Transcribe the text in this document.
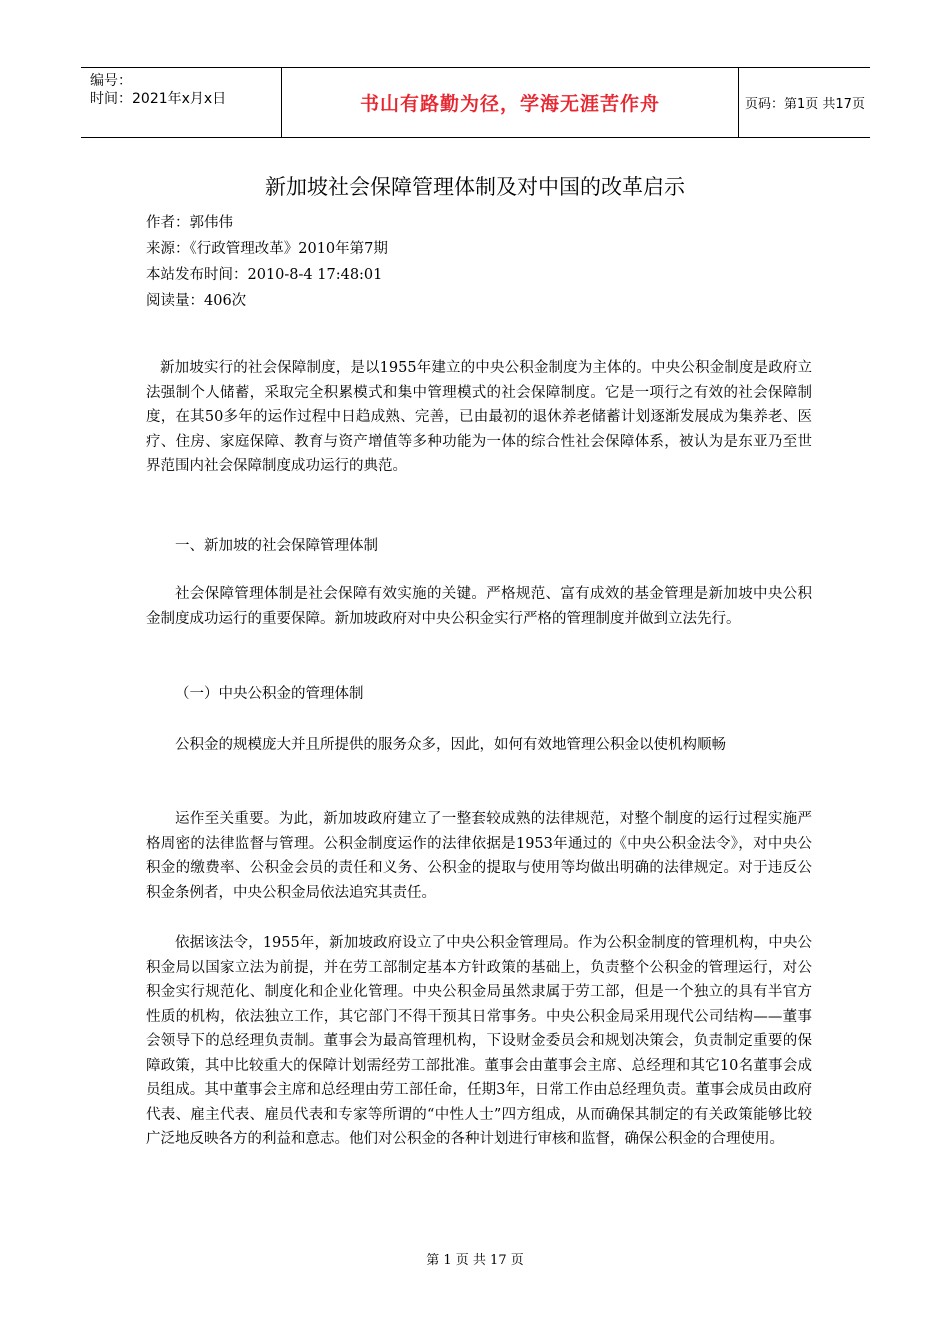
编号：
时间：2021年x月x日	书山有路勤为径，学海无涯苦作舟	页码：第1页 共17页
新加坡社会保障管理体制及对中国的改革启示
作者：郭伟伟
来源：《行政管理改革》2010年第7期
本站发布时间：2010-8-4 17:48:01
阅读量：406次

新加坡实行的社会保障制度，是以1955年建立的中央公积金制度为主体的。中央公积金制度是政府立法强制个人储蓄，采取完全积累模式和集中管理模式的社会保障制度。它是一项行之有效的社会保障制度，在其50多年的运作过程中日趋成熟、完善，已由最初的退休养老储蓄计划逐渐发展成为集养老、医疗、住房、家庭保障、教育与资产增值等多种功能为一体的综合性社会保障体系，被认为是东亚乃至世界范围内社会保障制度成功运行的典范。

一、新加坡的社会保障管理体制

社会保障管理体制是社会保障有效实施的关键。严格规范、富有成效的基金管理是新加坡中央公积金制度成功运行的重要保障。新加坡政府对中央公积金实行严格的管理制度并做到立法先行。

（一）中央公积金的管理体制

公积金的规模庞大并且所提供的服务众多，因此，如何有效地管理公积金以使机构顺畅

运作至关重要。为此，新加坡政府建立了一整套较成熟的法律规范，对整个制度的运行过程实施严格周密的法律监督与管理。公积金制度运作的法律依据是1953年通过的《中央公积金法令》，对中央公积金的缴费率、公积金会员的责任和义务、公积金的提取与使用等均做出明确的法律规定。对于违反公积金条例者，中央公积金局依法追究其责任。

依据该法令，1955年，新加坡政府设立了中央公积金管理局。作为公积金制度的管理机构，中央公积金局以国家立法为前提，并在劳工部制定基本方针政策的基础上，负责整个公积金的管理运行，对公积金实行规范化、制度化和企业化管理。中央公积金局虽然隶属于劳工部，但是一个独立的具有半官方性质的机构，依法独立工作，其它部门不得干预其日常事务。中央公积金局采用现代公司结构——董事会领导下的总经理负责制。董事会为最高管理机构，下设财金委员会和规划决策会，负责制定重要的保障政策，其中比较重大的保障计划需经劳工部批准。董事会由董事会主席、总经理和其它10名董事会成员组成。其中董事会主席和总经理由劳工部任命，任期3年，日常工作由总经理负责。董事会成员由政府代表、雇主代表、雇员代表和专家等所谓的“中性人士”四方组成，从而确保其制定的有关政策能够比较广泛地反映各方的利益和意志。他们对公积金的各种计划进行审核和监督，确保公积金的合理使用。

第 1 页 共 17 页
